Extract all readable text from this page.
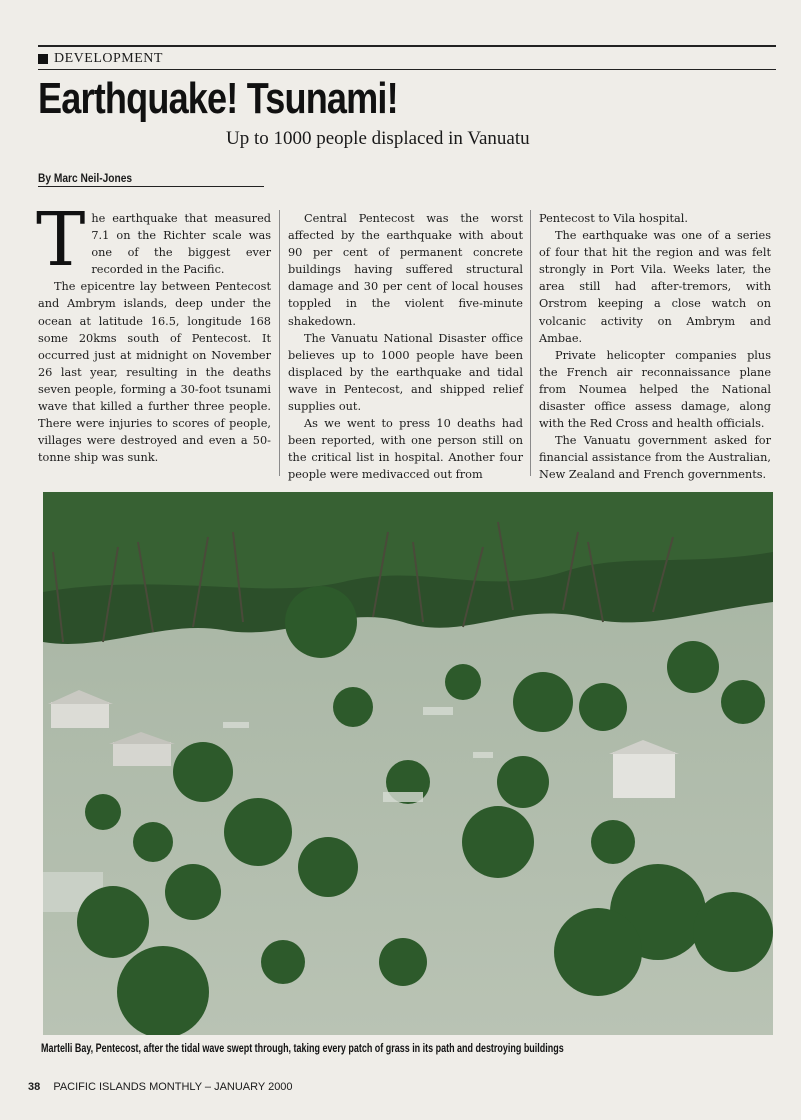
DEVELOPMENT
Earthquake! Tsunami!
Up to 1000 people displaced in Vanuatu
By Marc Neil-Jones
T he earthquake that measured 7.1 on the Richter scale was one of the biggest ever recorded in the Pacific.

The epicentre lay between Pentecost and Ambrym islands, deep under the ocean at latitude 16.5, longitude 168 some 20kms south of Pentecost. It occurred just at midnight on November 26 last year, resulting in the deaths seven people, forming a 30-foot tsunami wave that killed a further three people. There were injuries to scores of people, villages were destroyed and even a 50-tonne ship was sunk.

Central Pentecost was the worst affected by the earthquake with about 90 per cent of permanent concrete buildings having suffered structural damage and 30 per cent of local houses toppled in the violent five-minute shakedown.

The Vanuatu National Disaster office believes up to 1000 people have been displaced by the earthquake and tidal wave in Pentecost, and shipped relief supplies out.

As we went to press 10 deaths had been reported, with one person still on the critical list in hospital. Another four people were medivacced out from

Pentecost to Vila hospital.

The earthquake was one of a series of four that hit the region and was felt strongly in Port Vila. Weeks later, the area still had after-tremors, with Orstrom keeping a close watch on volcanic activity on Ambrym and Ambae.

Private helicopter companies plus the French air reconnaissance plane from Noumea helped the National disaster office assess damage, along with the Red Cross and health officials.

The Vanuatu government asked for financial assistance from the Australian, New Zealand and French governments.

Martelli Bay, Pentecost, after the tidal wave swept through, taking every patch of grass in its path and destroying buildings
38 PACIFIC ISLANDS MONTHLY – JANUARY 2000
